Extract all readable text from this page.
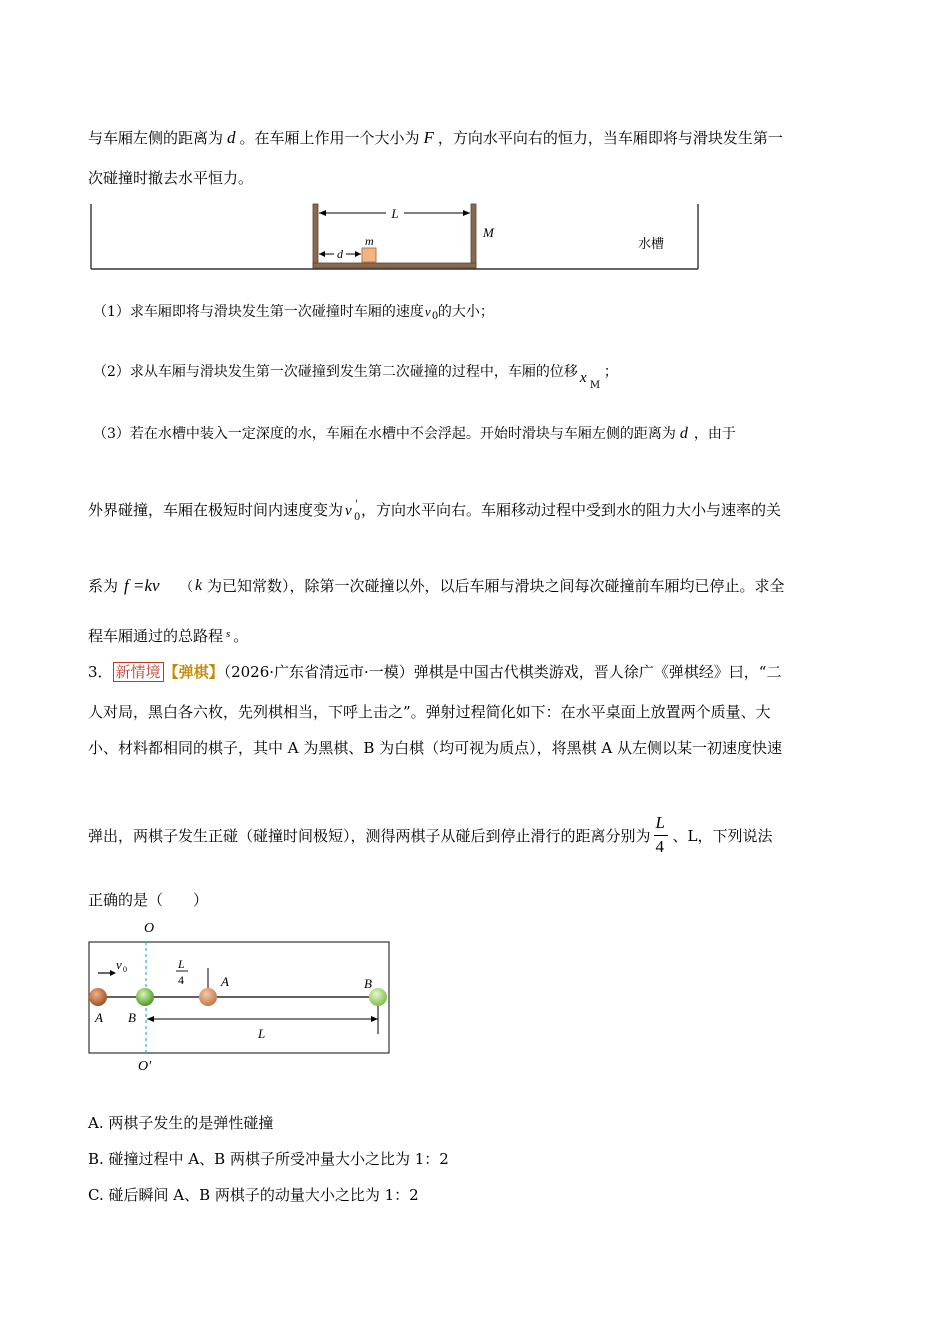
与车厢左侧的距离为 d 。在车厢上作用一个大小为 F ，方向水平向右的恒力，当车厢即将与滑块发生第一
次碰撞时撤去水平恒力。
L
M
m
d
水槽
（1）求车厢即将与滑块发生第一次碰撞时车厢的速度 v 0 的大小；
（2）求从车厢与滑块发生第一次碰撞到发生第二次碰撞的过程中，车厢的位移 x M
；
（3）若在水槽中装入一定深度的水，车厢在水槽中不会浮起。开始时滑块与车厢左侧的距离为 d ，由于
外界碰撞，车厢在极短时间内速度变为 v 0
' ，方向水平向右。车厢移动过程中受到水的阻力大小与速率的关
系为 f =kv （ k 为已知常数），除第一次碰撞以外，以后车厢与滑块之间每次碰撞前车厢均已停止。求全
程车厢通过的总路程 $^s$ 。
3． 新情境 【弹棋】（2026·广东省清远市·一模）弹棋是中国古代棋类游戏，晋人徐广《弹棋经》曰，“二
人对局，黑白各六枚，先列棋相当，下呼上击之”。弹射过程简化如下：在水平桌面上放置两个质量、大
小、材料都相同的棋子，其中 A 为黑棋、B 为白棋（均可视为质点），将黑棋 A 从左侧以某一初速度快速
弹出，两棋子发生正碰（碰撞时间极短），测得两棋子从碰后到停止滑行的距离分别为
$\frac{L}{4}$
、L，下列说法
正确的是（　　）
O
O′
v 0
A B
L
4	A	B
L
A. 两棋子发生的是弹性碰撞
B. 碰撞过程中 A、B 两棋子所受冲量大小之比为 1：2
C. 碰后瞬间 A、B 两棋子的动量大小之比为 1：2
